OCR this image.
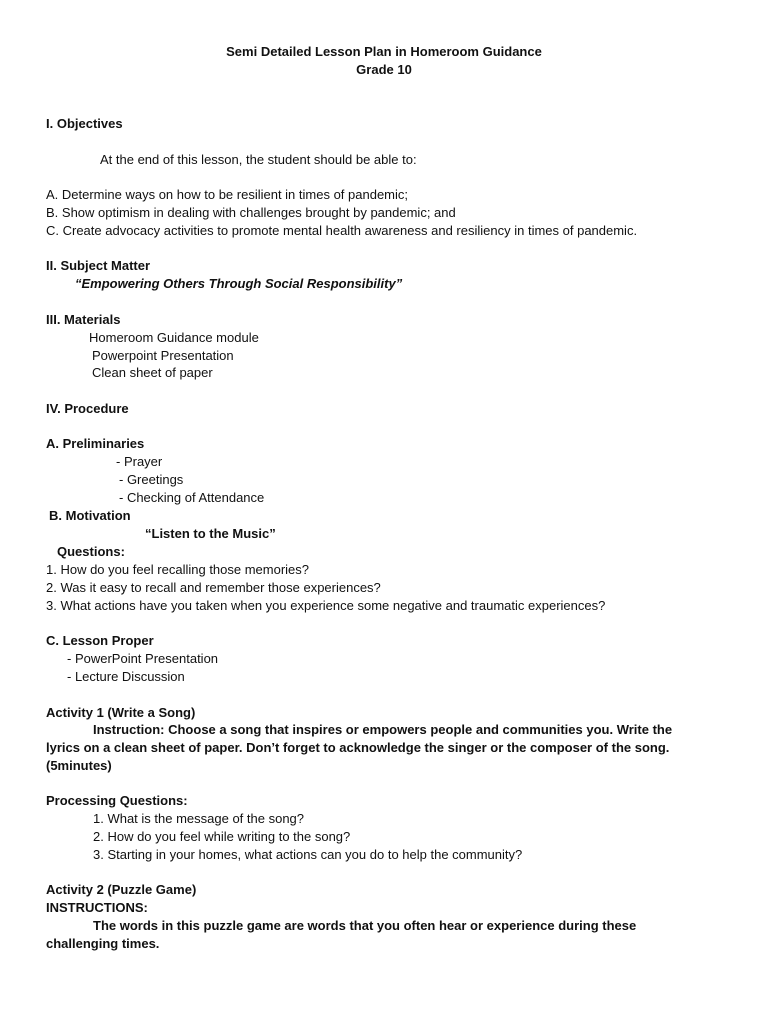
Semi Detailed Lesson Plan in Homeroom Guidance
Grade 10
I. Objectives
At the end of this lesson, the student should be able to:
A. Determine ways on how to be resilient in times of pandemic;
B. Show optimism in dealing with challenges brought by pandemic; and
C. Create advocacy activities to promote mental health awareness and resiliency in times of pandemic.
II. Subject Matter
“Empowering Others Through Social Responsibility”
III. Materials
Homeroom Guidance module
Powerpoint Presentation
Clean sheet of paper
IV. Procedure
A. Preliminaries
- Prayer
- Greetings
- Checking of Attendance
B. Motivation
“Listen to the Music”
Questions:
1. How do you feel recalling those memories?
2. Was it easy to recall and remember those experiences?
3. What actions have you taken when you experience some negative and traumatic experiences?
C. Lesson Proper
- PowerPoint Presentation
- Lecture Discussion
Activity 1 (Write a Song)
Instruction: Choose a song that inspires or empowers people and communities you. Write the
lyrics on a clean sheet of paper. Don’t forget to acknowledge the singer or the composer of the song.
(5minutes)
Processing Questions:
1. What is the message of the song?
2. How do you feel while writing to the song?
3. Starting in your homes, what actions can you do to help the community?
Activity 2 (Puzzle Game)
INSTRUCTIONS:
The words in this puzzle game are words that you often hear or experience during these
challenging times.
